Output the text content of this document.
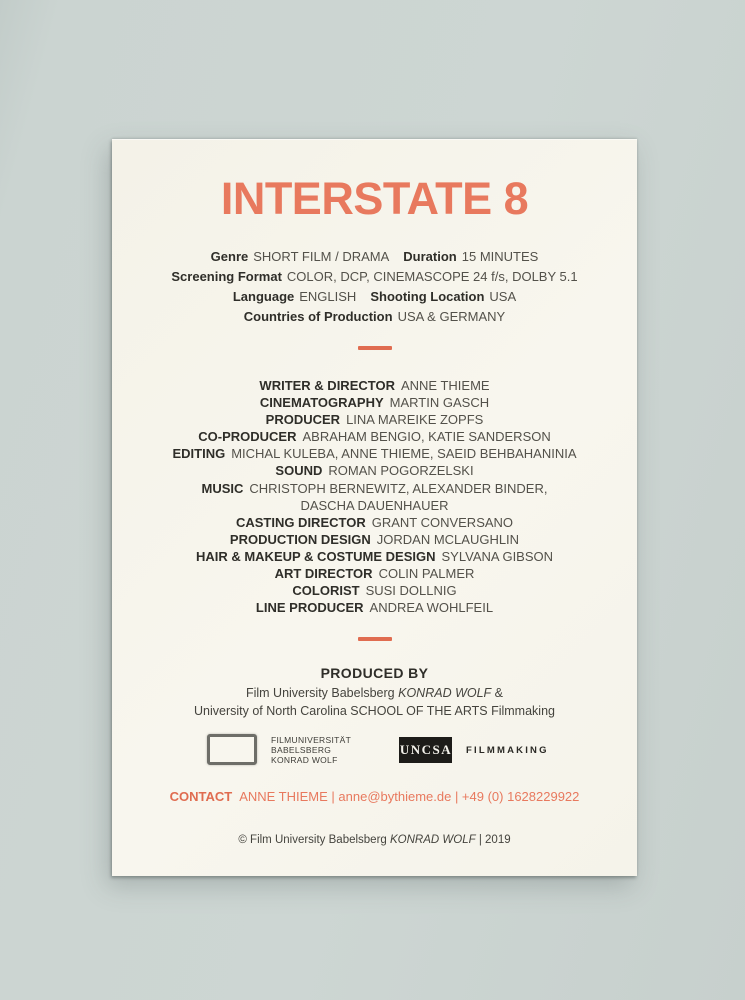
INTERSTATE 8
Genre SHORT FILM / DRAMA Duration 15 MINUTES
Screening Format COLOR, DCP, CINEMASCOPE 24 f/s, DOLBY 5.1
Language ENGLISH Shooting Location USA
Countries of Production USA & GERMANY
WRITER & DIRECTOR ANNE THIEME
CINEMATOGRAPHY MARTIN GASCH
PRODUCER LINA MAREIKE ZOPFS
CO-PRODUCER ABRAHAM BENGIO, KATIE SANDERSON
EDITING MICHAL KULEBA, ANNE THIEME, SAEID BEHBAHANINIA
SOUND ROMAN POGORZELSKI
MUSIC CHRISTOPH BERNEWITZ, ALEXANDER BINDER,
DASCHA DAUENHAUER
CASTING DIRECTOR GRANT CONVERSANO
PRODUCTION DESIGN JORDAN MCLAUGHLIN
HAIR & MAKEUP & COSTUME DESIGN SYLVANA GIBSON
ART DIRECTOR COLIN PALMER
COLORIST SUSI DOLLNIG
LINE PRODUCER ANDREA WOHLFEIL
PRODUCED BY
Film University Babelsberg KONRAD WOLF &
University of North Carolina SCHOOL OF THE ARTS Filmmaking
FILMUNIVERSITÄT
BABELSBERG
KONRAD WOLF
UNCSA FILMMAKING
CONTACT ANNE THIEME | anne@bythieme.de | +49 (0) 1628229922
© Film University Babelsberg KONRAD WOLF | 2019
